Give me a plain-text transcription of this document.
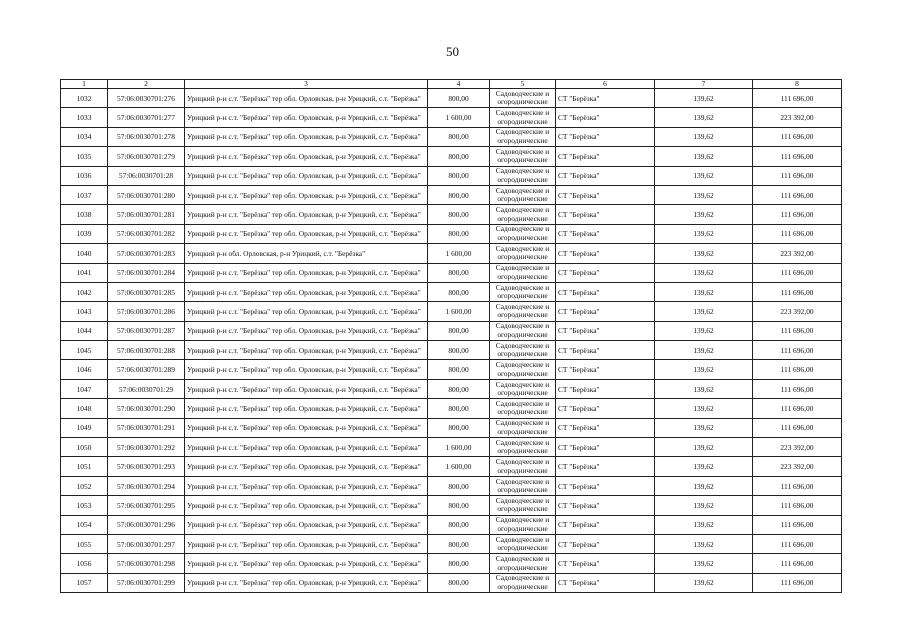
50
1	2	3	4	5	6	7	8
1032	57:06:0030701:276	Урицкий р-н с.т. "Берёзка" тер обл. Орловская, р-н Урицкий, с.т. "Берёзка"	800,00	Садоводческие и огороднические	СТ "Берёзка"	139,62	111 696,00
1033	57:06:0030701:277	Урицкий р-н с.т. "Берёзка" тер обл. Орловская, р-н Урицкий, с.т. "Берёзка"	1 600,00	Садоводческие и огороднические	СТ "Берёзка"	139,62	223 392,00
1034	57:06:0030701:278	Урицкий р-н с.т. "Берёзка" тер обл. Орловская, р-н Урицкий, с.т. "Берёзка"	800,00	Садоводческие и огороднические	СТ "Берёзка"	139,62	111 696,00
1035	57:06:0030701:279	Урицкий р-н с.т. "Берёзка" тер обл. Орловская, р-н Урицкий, с.т. "Берёзка"	800,00	Садоводческие и огороднические	СТ "Берёзка"	139,62	111 696,00
1036	57:06:0030701:28	Урицкий р-н с.т. "Берёзка" тер обл. Орловская, р-н Урицкий, с.т. "Берёзка"	800,00	Садоводческие и огороднические	СТ "Берёзка"	139,62	111 696,00
1037	57:06:0030701:280	Урицкий р-н с.т. "Берёзка" тер обл. Орловская, р-н Урицкий, с.т. "Берёзка"	800,00	Садоводческие и огороднические	СТ "Берёзка"	139,62	111 696,00
1038	57:06:0030701:281	Урицкий р-н с.т. "Берёзка" тер обл. Орловская, р-н Урицкий, с.т. "Берёзка"	800,00	Садоводческие и огороднические	СТ "Берёзка"	139,62	111 696,00
1039	57:06:0030701:282	Урицкий р-н с.т. "Берёзка" тер обл. Орловская, р-н Урицкий, с.т. "Берёзка"	800,00	Садоводческие и огороднические	СТ "Берёзка"	139,62	111 696,00
1040	57:06:0030701:283	Урицкий р-н обл. Орловская, р-н Урицкий, с.т. "Берёзка"	1 600,00	Садоводческие и огороднические	СТ "Берёзка"	139,62	223 392,00
1041	57:06:0030701:284	Урицкий р-н с.т. "Берёзка" тер обл. Орловская, р-н Урицкий, с.т. "Берёзка"	800,00	Садоводческие и огороднические	СТ "Берёзка"	139,62	111 696,00
1042	57:06:0030701:285	Урицкий р-н с.т. "Берёзка" тер обл. Орловская, р-н Урицкий, с.т. "Берёзка"	800,00	Садоводческие и огороднические	СТ "Берёзка"	139,62	111 696,00
1043	57:06:0030701:286	Урицкий р-н с.т. "Берёзка" тер обл. Орловская, р-н Урицкий, с.т. "Берёзка"	1 600,00	Садоводческие и огороднические	СТ "Берёзка"	139,62	223 392,00
1044	57:06:0030701:287	Урицкий р-н с.т. "Берёзка" тер обл. Орловская, р-н Урицкий, с.т. "Берёзка"	800,00	Садоводческие и огороднические	СТ "Берёзка"	139,62	111 696,00
1045	57:06:0030701:288	Урицкий р-н с.т. "Берёзка" тер обл. Орловская, р-н Урицкий, с.т. "Берёзка"	800,00	Садоводческие и огороднические	СТ "Берёзка"	139,62	111 696,00
1046	57:06:0030701:289	Урицкий р-н с.т. "Берёзка" тер обл. Орловская, р-н Урицкий, с.т. "Берёзка"	800,00	Садоводческие и огороднические	СТ "Берёзка"	139,62	111 696,00
1047	57:06:0030701:29	Урицкий р-н с.т. "Берёзка" тер обл. Орловская, р-н Урицкий, с.т. "Берёзка"	800,00	Садоводческие и огороднические	СТ "Берёзка"	139,62	111 696,00
1048	57:06:0030701:290	Урицкий р-н с.т. "Берёзка" тер обл. Орловская, р-н Урицкий, с.т. "Берёзка"	800,00	Садоводческие и огороднические	СТ "Берёзка"	139,62	111 696,00
1049	57:06:0030701:291	Урицкий р-н с.т. "Берёзка" тер обл. Орловская, р-н Урицкий, с.т. "Берёзка"	800,00	Садоводческие и огороднические	СТ "Берёзка"	139,62	111 696,00
1050	57:06:0030701:292	Урицкий р-н с.т. "Берёзка" тер обл. Орловская, р-н Урицкий, с.т. "Берёзка"	1 600,00	Садоводческие и огороднические	СТ "Берёзка"	139,62	223 392,00
1051	57:06:0030701:293	Урицкий р-н с.т. "Берёзка" тер обл. Орловская, р-н Урицкий, с.т. "Берёзка"	1 600,00	Садоводческие и огороднические	СТ "Берёзка"	139,62	223 392,00
1052	57:06:0030701:294	Урицкий р-н с.т. "Берёзка" тер обл. Орловская, р-н Урицкий, с.т. "Берёзка"	800,00	Садоводческие и огороднические	СТ "Берёзка"	139,62	111 696,00
1053	57:06:0030701:295	Урицкий р-н с.т. "Берёзка" тер обл. Орловская, р-н Урицкий, с.т. "Берёзка"	800,00	Садоводческие и огороднические	СТ "Берёзка"	139,62	111 696,00
1054	57:06:0030701:296	Урицкий р-н с.т. "Берёзка" тер обл. Орловская, р-н Урицкий, с.т. "Берёзка"	800,00	Садоводческие и огороднические	СТ "Берёзка"	139,62	111 696,00
1055	57:06:0030701:297	Урицкий р-н с.т. "Берёзка" тер обл. Орловская, р-н Урицкий, с.т. "Берёзка"	800,00	Садоводческие и огороднические	СТ "Берёзка"	139,62	111 696,00
1056	57:06:0030701:298	Урицкий р-н с.т. "Берёзка" тер обл. Орловская, р-н Урицкий, с.т. "Берёзка"	800,00	Садоводческие и огороднические	СТ "Берёзка"	139,62	111 696,00
1057	57:06:0030701:299	Урицкий р-н с.т. "Берёзка" тер обл. Орловская, р-н Урицкий, с.т. "Берёзка"	800,00	Садоводческие и огороднические	СТ "Берёзка"	139,62	111 696,00
